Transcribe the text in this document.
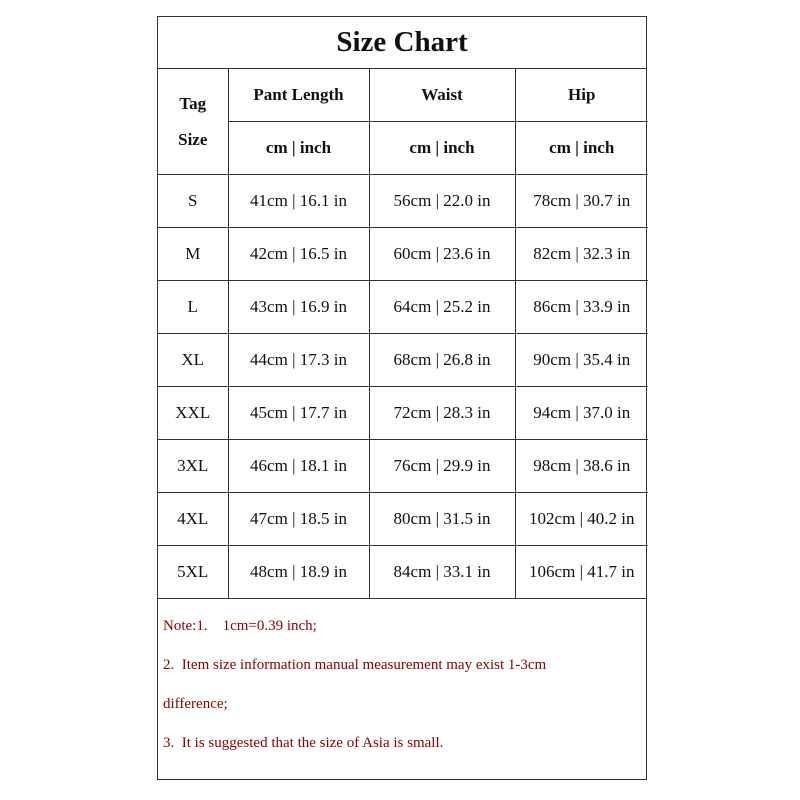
Size Chart
Tag
Size	Pant Length	Waist	Hip
	cm | inch	cm | inch	cm | inch
S	41cm | 16.1 in	56cm | 22.0 in	78cm | 30.7 in
M	42cm | 16.5 in	60cm | 23.6 in	82cm | 32.3 in
L	43cm | 16.9 in	64cm | 25.2 in	86cm | 33.9 in
XL	44cm | 17.3 in	68cm | 26.8 in	90cm | 35.4 in
XXL	45cm | 17.7 in	72cm | 28.3 in	94cm | 37.0 in
3XL	46cm | 18.1 in	76cm | 29.9 in	98cm | 38.6 in
4XL	47cm | 18.5 in	80cm | 31.5 in	102cm | 40.2 in
5XL	48cm | 18.9 in	84cm | 33.1 in	106cm | 41.7 in

Note:1.    1cm=0.39 inch;

2.  Item size information manual measurement may exist 1-3cm

difference;

3.  It is suggested that the size of Asia is small.
